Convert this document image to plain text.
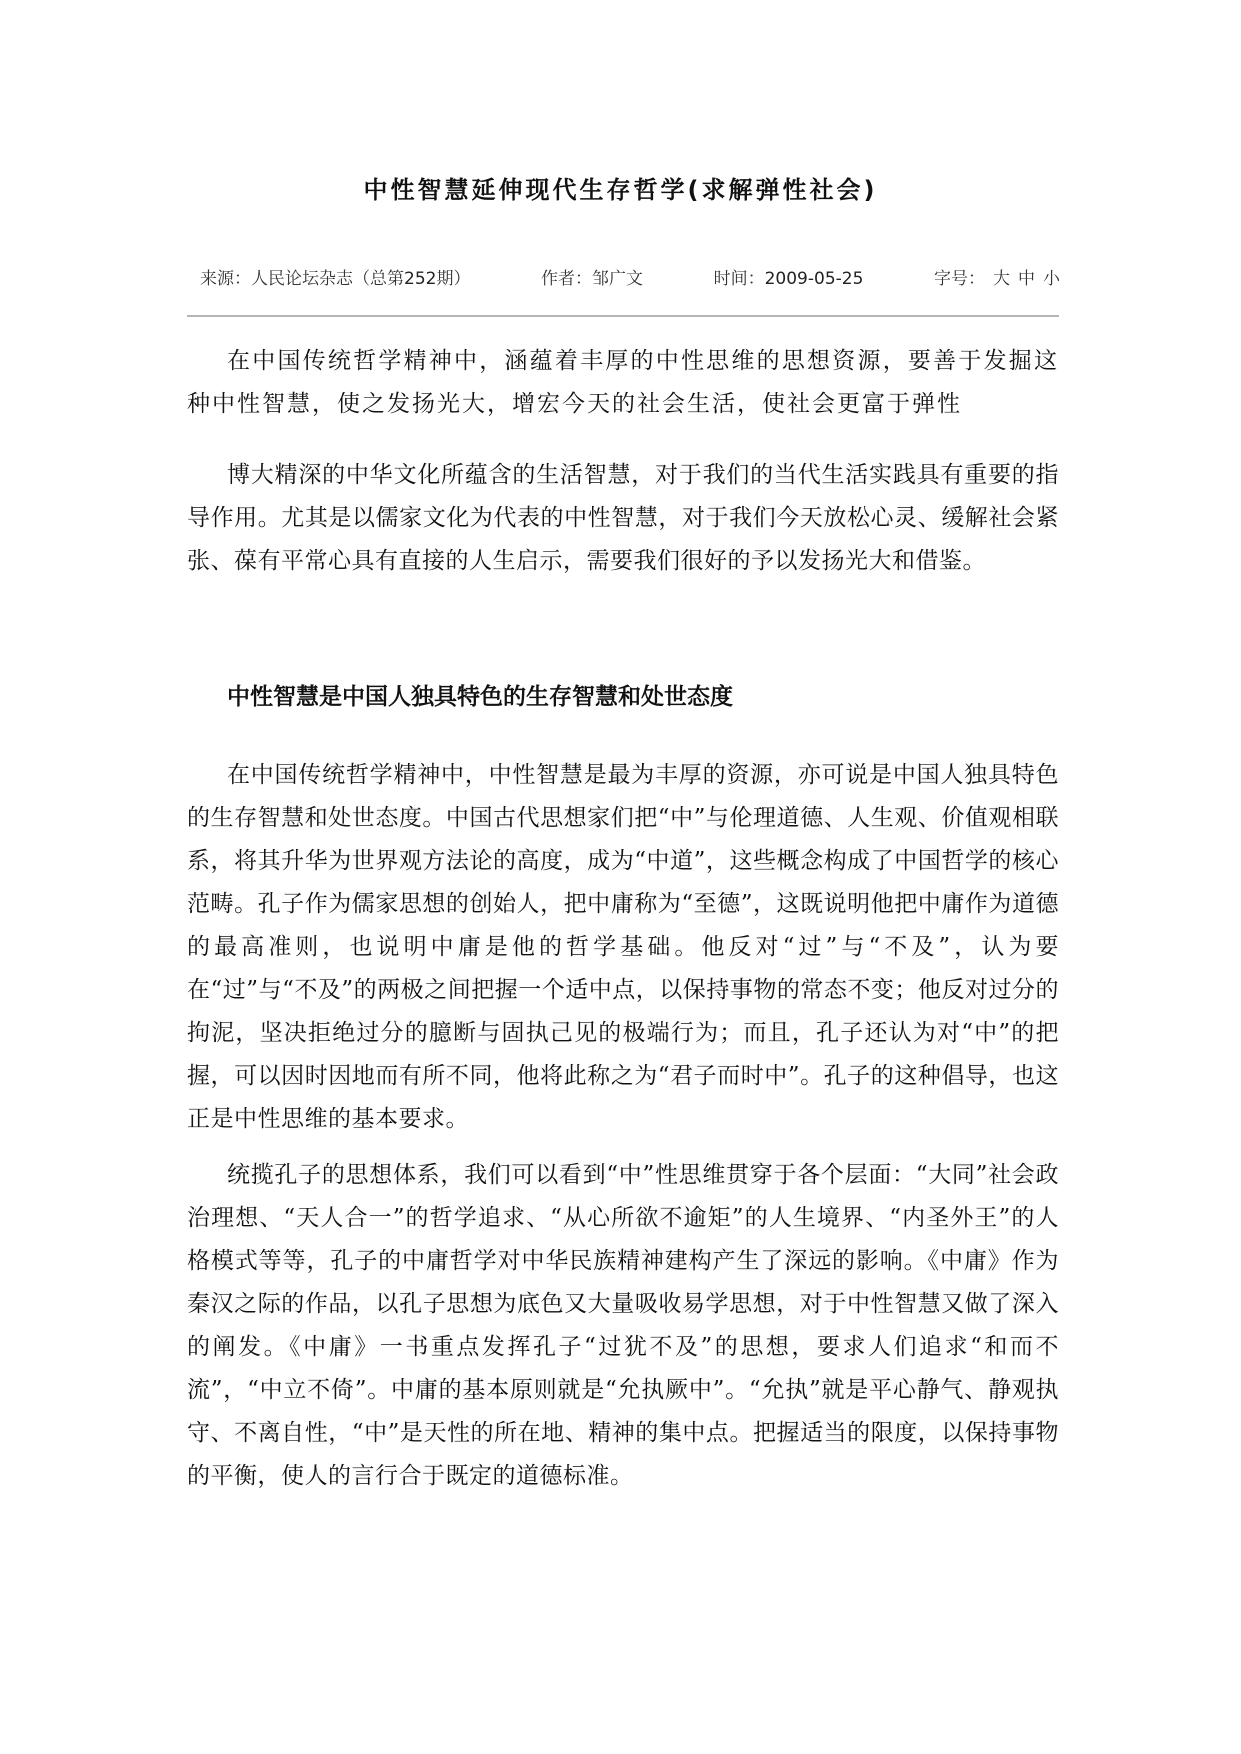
中性智慧延伸现代生存哲学(求解弹性社会)
来源：人民论坛杂志（总第252期）	作者：邹广文	时间：2009-05-25	字号： 大 中 小

在中国传统哲学精神中，涵蕴着丰厚的中性思维的思想资源，要善于发掘这种中性智慧，使之发扬光大，增宏今天的社会生活，使社会更富于弹性

博大精深的中华文化所蕴含的生活智慧，对于我们的当代生活实践具有重要的指导作用。尤其是以儒家文化为代表的中性智慧，对于我们今天放松心灵、缓解社会紧张、葆有平常心具有直接的人生启示，需要我们很好的予以发扬光大和借鉴。

中性智慧是中国人独具特色的生存智慧和处世态度

在中国传统哲学精神中，中性智慧是最为丰厚的资源，亦可说是中国人独具特色的生存智慧和处世态度。中国古代思想家们把“中”与伦理道德、人生观、价值观相联系，将其升华为世界观方法论的高度，成为“中道”，这些概念构成了中国哲学的核心范畴。孔子作为儒家思想的创始人，把中庸称为“至德”，这既说明他把中庸作为道德的最高准则，也说明中庸是他的哲学基础。他反对“过”与“不及”，认为要在“过”与“不及”的两极之间把握一个适中点，以保持事物的常态不变；他反对过分的拘泥，坚决拒绝过分的臆断与固执己见的极端行为；而且，孔子还认为对“中”的把握，可以因时因地而有所不同，他将此称之为“君子而时中”。孔子的这种倡导，也这正是中性思维的基本要求。

统揽孔子的思想体系，我们可以看到“中”性思维贯穿于各个层面：“大同”社会政治理想、“天人合一”的哲学追求、“从心所欲不逾矩”的人生境界、“内圣外王”的人格模式等等，孔子的中庸哲学对中华民族精神建构产生了深远的影响。《中庸》作为秦汉之际的作品，以孔子思想为底色又大量吸收易学思想，对于中性智慧又做了深入的阐发。《中庸》一书重点发挥孔子“过犹不及”的思想，要求人们追求“和而不流”，“中立不倚”。中庸的基本原则就是“允执厥中”。“允执”就是平心静气、静观执守、不离自性，“中”是天性的所在地、精神的集中点。把握适当的限度，以保持事物的平衡，使人的言行合于既定的道德标准。
